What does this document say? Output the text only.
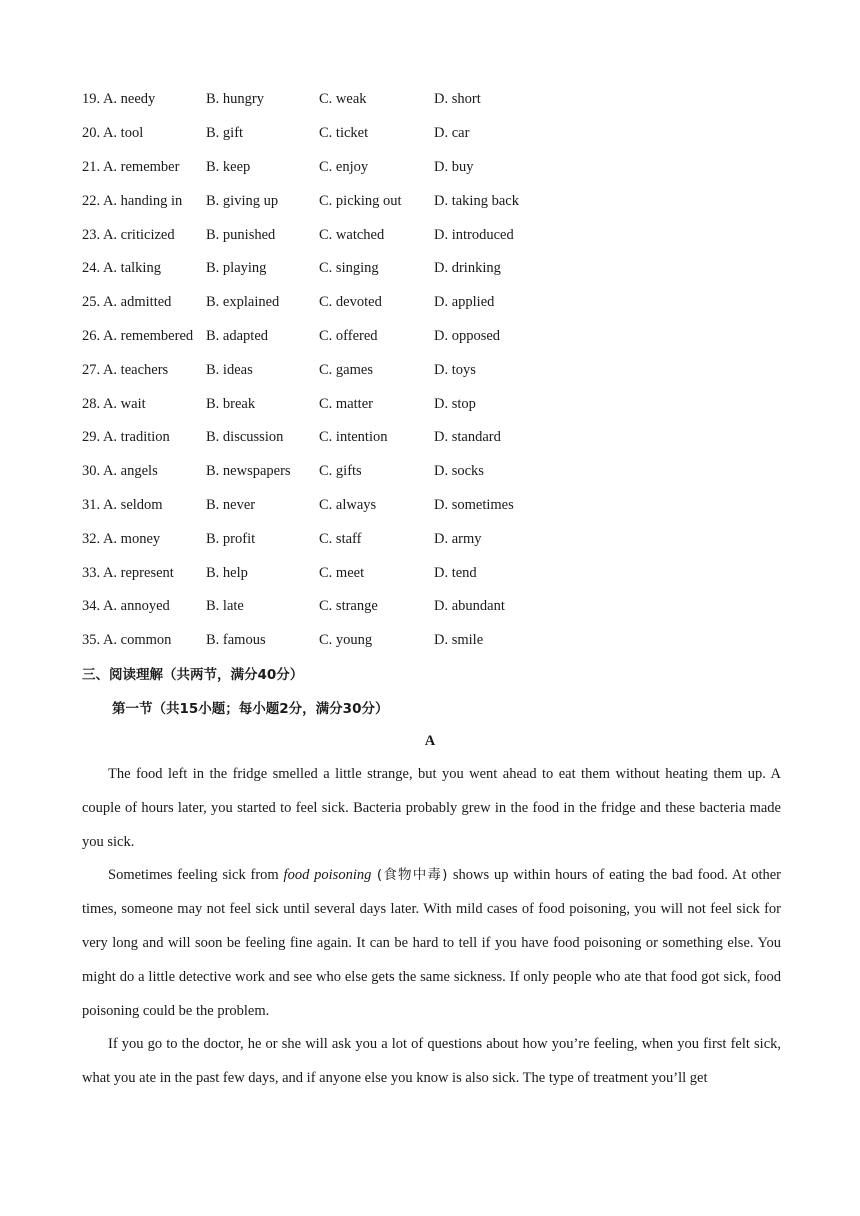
19. A. needy	B. hungry	C. weak	D. short
20. A. tool	B. gift	C. ticket	D. car
21. A. remember	B. keep	C. enjoy	D. buy
22. A. handing in	B. giving up	C. picking out	D. taking back
23. A. criticized	B. punished	C. watched	D. introduced
24. A. talking	B. playing	C. singing	D. drinking
25. A. admitted	B. explained	C. devoted	D. applied
26. A. remembered	B. adapted	C. offered	D. opposed
27. A. teachers	B. ideas	C. games	D. toys
28. A. wait	B. break	C. matter	D. stop
29. A. tradition	B. discussion	C. intention	D. standard
30. A. angels	B. newspapers	C. gifts	D. socks
31. A. seldom	B. never	C. always	D. sometimes
32. A. money	B. profit	C. staff	D. army
33. A. represent	B. help	C. meet	D. tend
34. A. annoyed	B. late	C. strange	D. abundant
35. A. common	B. famous	C. young	D. smile
三、阅读理解（共两节，满分40分）
第一节（共15小题；每小题2分，满分30分）
A

The food left in the fridge smelled a little strange, but you went ahead to eat them without heating them up. A couple of hours later, you started to feel sick. Bacteria probably grew in the food in the fridge and these bacteria made you sick.

Sometimes feeling sick from food poisoning (食物中毒) shows up within hours of eating the bad food. At other times, someone may not feel sick until several days later. With mild cases of food poisoning, you will not feel sick for very long and will soon be feeling fine again. It can be hard to tell if you have food poisoning or something else. You might do a little detective work and see who else gets the same sickness. If only people who ate that food got sick, food poisoning could be the problem.

If you go to the doctor, he or she will ask you a lot of questions about how you’re feeling, when you first felt sick, what you ate in the past few days, and if anyone else you know is also sick. The type of treatment you’ll get
